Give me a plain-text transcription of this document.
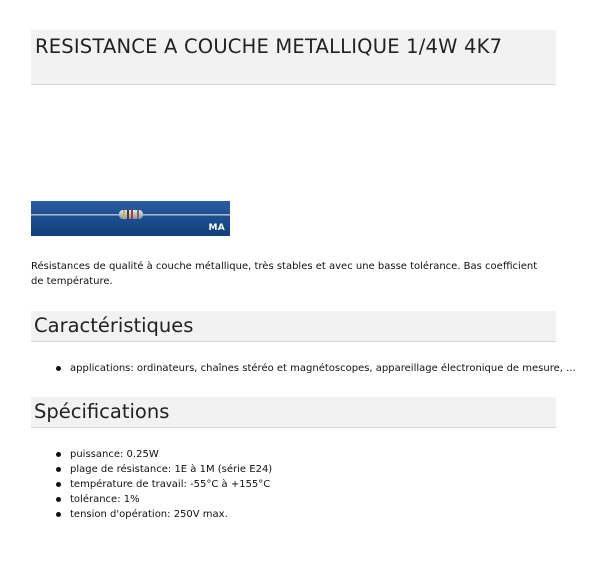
RESISTANCE A COUCHE METALLIQUE 1/4W 4K7
MA

Résistances de qualité à couche métallique, très stables et avec une basse tolérance. Bas coefficient de température.

Caractéristiques
applications: ordinateurs, chaînes stéréo et magnétoscopes, appareillage électronique de mesure, ...
Spécifications
puissance: 0.25W
plage de résistance: 1E à 1M (série E24)
température de travail: -55°C à +155°C
tolérance: 1%
tension d'opération: 250V max.
